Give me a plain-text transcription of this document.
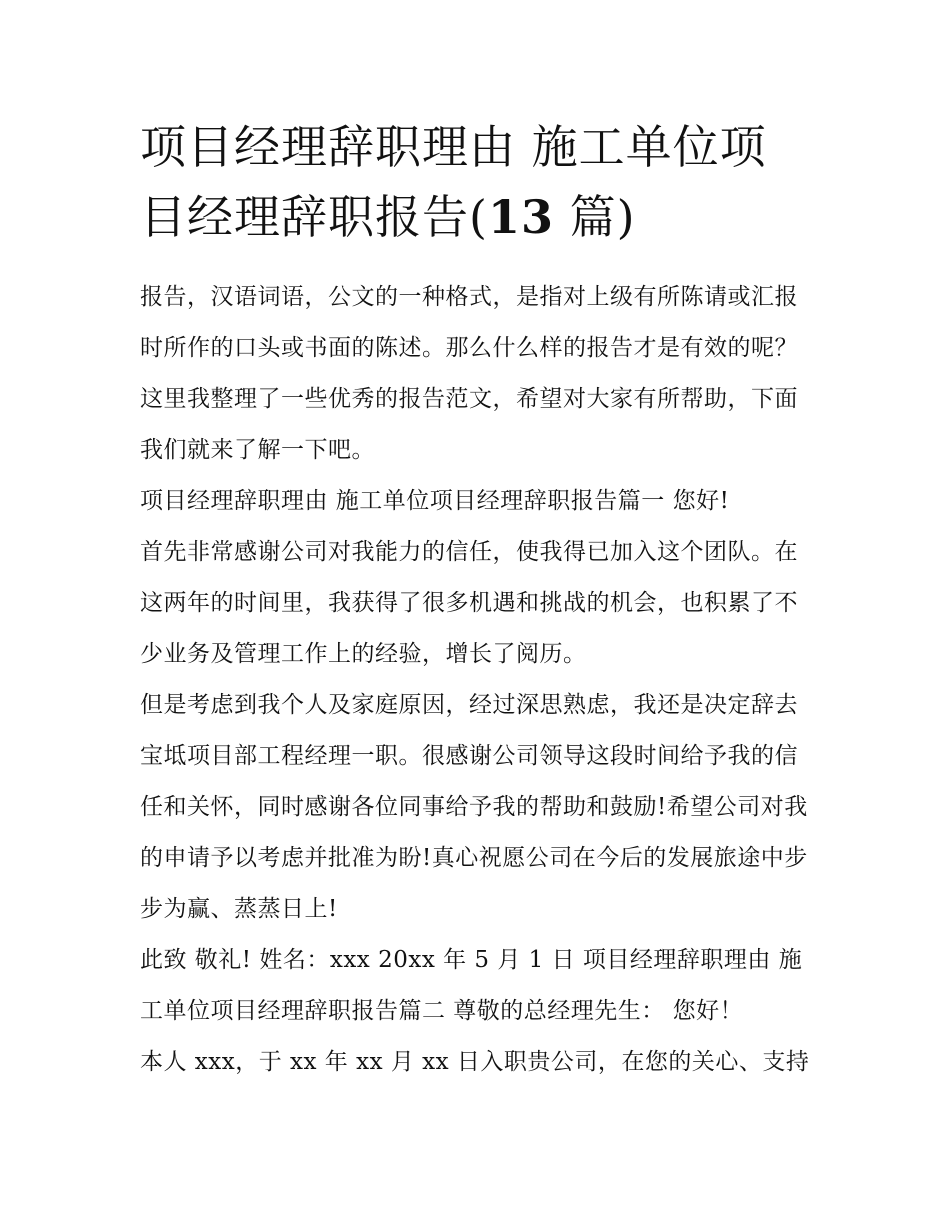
项目经理辞职理由 施工单位项
目经理辞职报告(13 篇)

报告，汉语词语，公文的一种格式，是指对上级有所陈请或汇报时所作的口头或书面的陈述。那么什么样的报告才是有效的呢？这里我整理了一些优秀的报告范文，希望对大家有所帮助，下面我们就来了解一下吧。

项目经理辞职理由 施工单位项目经理辞职报告篇一 您好!

首先非常感谢公司对我能力的信任，使我得已加入这个团队。在这两年的时间里，我获得了很多机遇和挑战的机会，也积累了不少业务及管理工作上的经验，增长了阅历。

但是考虑到我个人及家庭原因，经过深思熟虑，我还是决定辞去宝坻项目部工程经理一职。很感谢公司领导这段时间给予我的信任和关怀，同时感谢各位同事给予我的帮助和鼓励!希望公司对我的申请予以考虑并批准为盼!真心祝愿公司在今后的发展旅途中步步为赢、蒸蒸日上!

此致 敬礼! 姓名：xxx 20xx 年 5 月 1 日 项目经理辞职理由 施工单位项目经理辞职报告篇二 尊敬的总经理先生： 您好！

本人 xxx，于 xx 年 xx 月 xx 日入职贵公司，在您的关心、支持
